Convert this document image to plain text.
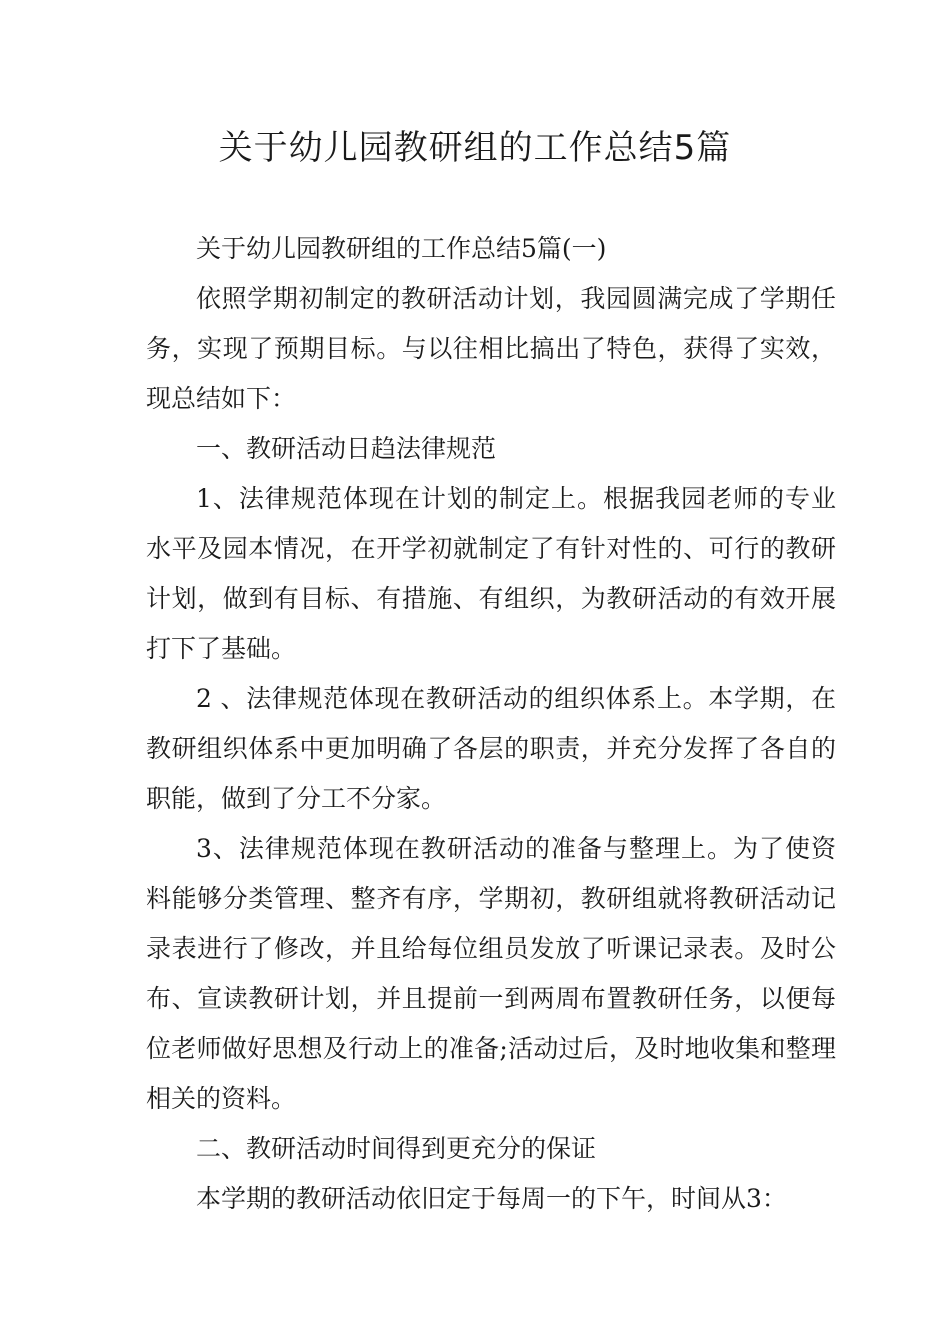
关于幼儿园教研组的工作总结5篇

关于幼儿园教研组的工作总结5篇(一)

依照学期初制定的教研活动计划，我园圆满完成了学期任务，实现了预期目标。与以往相比搞出了特色，获得了实效，现总结如下：

一、教研活动日趋法律规范

1、法律规范体现在计划的制定上。根据我园老师的专业水平及园本情况，在开学初就制定了有针对性的、可行的教研计划，做到有目标、有措施、有组织，为教研活动的有效开展打下了基础。

2 、法律规范体现在教研活动的组织体系上。本学期，在教研组织体系中更加明确了各层的职责，并充分发挥了各自的职能，做到了分工不分家。

3、法律规范体现在教研活动的准备与整理上。为了使资料能够分类管理、整齐有序，学期初，教研组就将教研活动记录表进行了修改，并且给每位组员发放了听课记录表。及时公布、宣读教研计划，并且提前一到两周布置教研任务，以便每位老师做好思想及行动上的准备;活动过后，及时地收集和整理相关的资料。

二、教研活动时间得到更充分的保证

本学期的教研活动依旧定于每周一的下午，时间从3：
